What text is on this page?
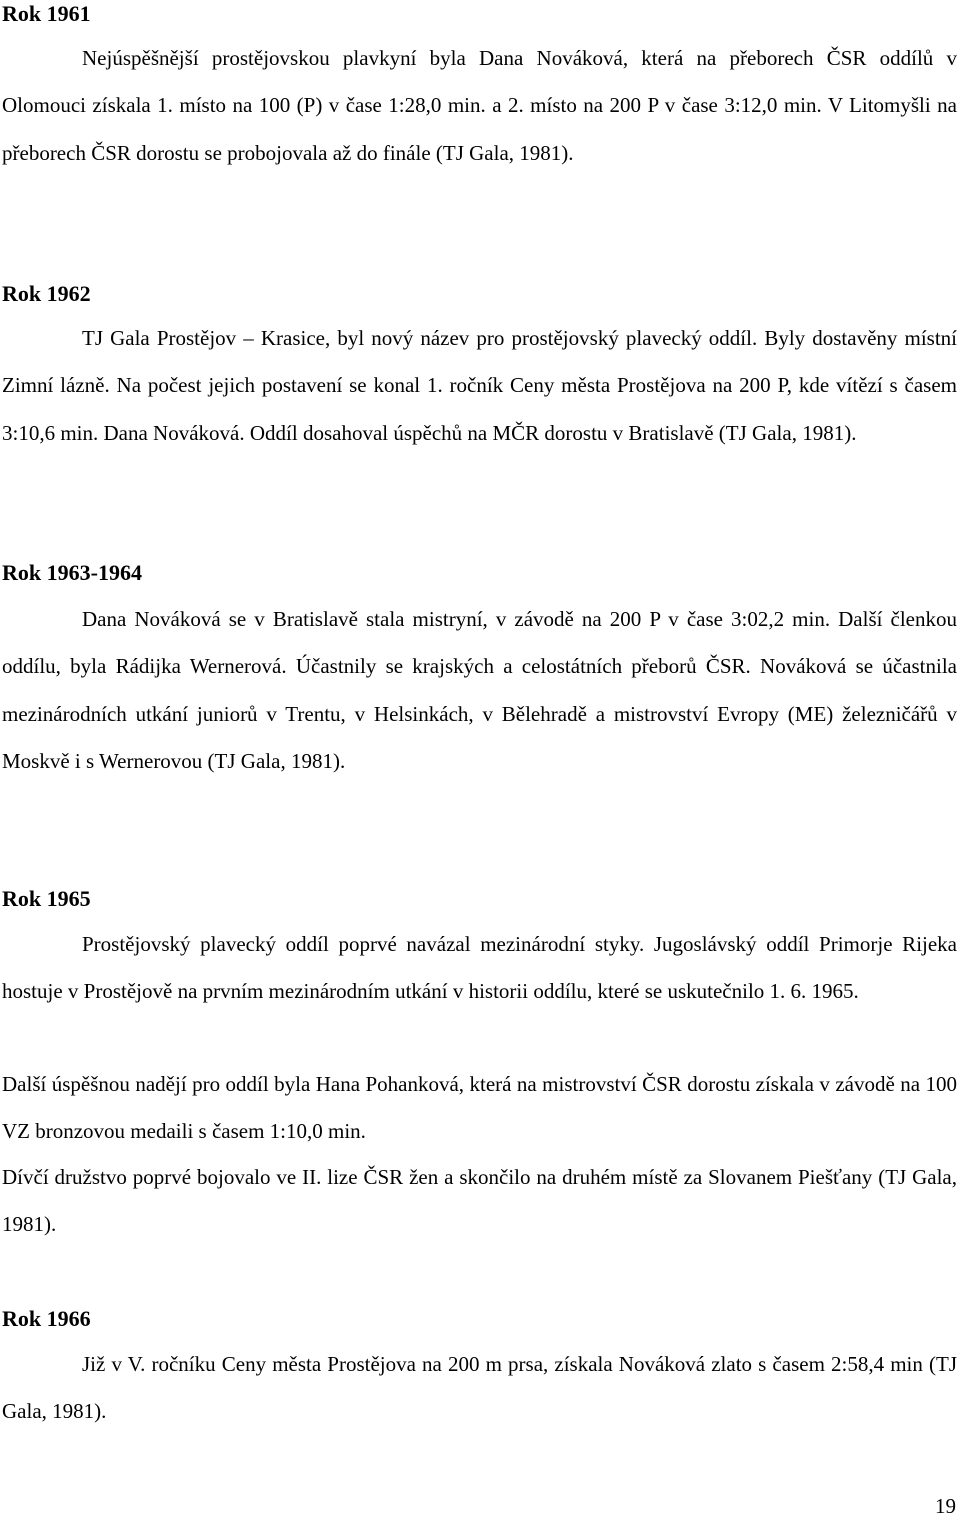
Rok 1961

Nejúspěšnější prostějovskou plavkyní byla Dana Nováková, která na přeborech ČSR oddílů v Olomouci získala 1. místo na 100 (P) v čase 1:28,0 min. a 2. místo na 200 P v čase 3:12,0 min. V Litomyšli na přeborech ČSR dorostu se probojovala až do finále (TJ Gala, 1981).

Rok 1962

TJ Gala Prostějov – Krasice, byl nový název pro prostějovský plavecký oddíl. Byly dostavěny místní Zimní lázně. Na počest jejich postavení se konal 1. ročník Ceny města Prostějova na 200 P, kde vítězí s časem 3:10,6 min. Dana Nováková. Oddíl dosahoval úspěchů na MČR dorostu v Bratislavě (TJ Gala, 1981).

Rok 1963-1964

Dana Nováková se v Bratislavě stala mistryní, v závodě na 200 P v čase 3:02,2 min. Další členkou oddílu, byla Rádijka Wernerová. Účastnily se krajských a celostátních přeborů ČSR. Nováková se účastnila mezinárodních utkání juniorů v Trentu, v Helsinkách, v Bělehradě a mistrovství Evropy (ME) železničářů v Moskvě i s Wernerovou (TJ Gala, 1981).

Rok 1965

Prostějovský plavecký oddíl poprvé navázal mezinárodní styky. Jugoslávský oddíl Primorje Rijeka hostuje v Prostějově na prvním mezinárodním utkání v historii oddílu, které se uskutečnilo 1. 6. 1965.

Další úspěšnou nadějí pro oddíl byla Hana Pohanková, která na mistrovství ČSR dorostu získala v závodě na 100 VZ bronzovou medaili s časem 1:10,0 min.

Dívčí družstvo poprvé bojovalo ve II. lize ČSR žen a skončilo na druhém místě za Slovanem Piešťany (TJ Gala, 1981).

Rok 1966

Již v V. ročníku Ceny města Prostějova na 200 m prsa, získala Nováková zlato s časem 2:58,4 min (TJ Gala, 1981).

19
